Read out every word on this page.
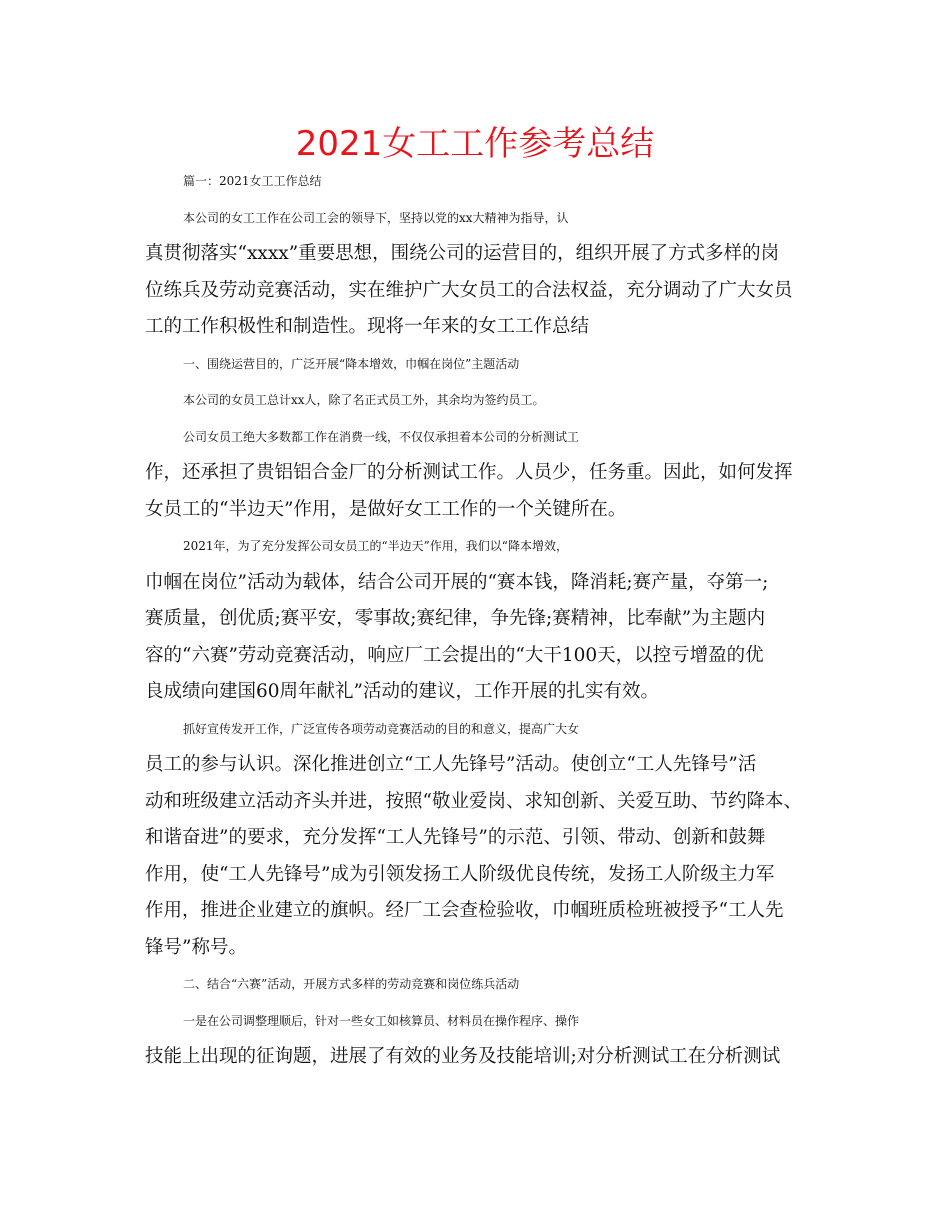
2021女工工作参考总结
篇一：2021女工工作总结
本公司的女工工作在公司工会的领导下，坚持以党的xx大精神为指导，认
真贯彻落实“xxxx”重要思想，围绕公司的运营目的，组织开展了方式多样的岗
位练兵及劳动竞赛活动，实在维护广大女员工的合法权益，充分调动了广大女员
工的工作积极性和制造性。现将一年来的女工工作总结
一、围绕运营目的，广泛开展“降本增效，巾帼在岗位”主题活动
本公司的女员工总计xx人，除了名正式员工外，其余均为签约员工。
公司女员工绝大多数都工作在消费一线，不仅仅承担着本公司的分析测试工
作，还承担了贵铝铝合金厂的分析测试工作。人员少，任务重。因此，如何发挥
女员工的“半边天”作用，是做好女工工作的一个关键所在。
2021年，为了充分发挥公司女员工的“半边天”作用，我们以“降本增效，
巾帼在岗位”活动为载体，结合公司开展的“赛本钱，降消耗;赛产量，夺第一;
赛质量，创优质;赛平安，零事故;赛纪律，争先锋;赛精神，比奉献”为主题内
容的“六赛”劳动竞赛活动，响应厂工会提出的“大干100天，以控亏增盈的优
良成绩向建国60周年献礼”活动的建议，工作开展的扎实有效。
抓好宣传发开工作，广泛宣传各项劳动竞赛活动的目的和意义，提高广大女
员工的参与认识。深化推进创立“工人先锋号”活动。使创立“工人先锋号”活
动和班级建立活动齐头并进，按照“敬业爱岗、求知创新、关爱互助、节约降本、
和谐奋进”的要求，充分发挥“工人先锋号”的示范、引领、带动、创新和鼓舞
作用，使“工人先锋号”成为引领发扬工人阶级优良传统，发扬工人阶级主力军
作用，推进企业建立的旗帜。经厂工会查检验收，巾帼班质检班被授予“工人先
锋号”称号。
二、结合“六赛”活动，开展方式多样的劳动竞赛和岗位练兵活动
一是在公司调整理顺后，针对一些女工如核算员、材料员在操作程序、操作
技能上出现的征询题，进展了有效的业务及技能培训;对分析测试工在分析测试
